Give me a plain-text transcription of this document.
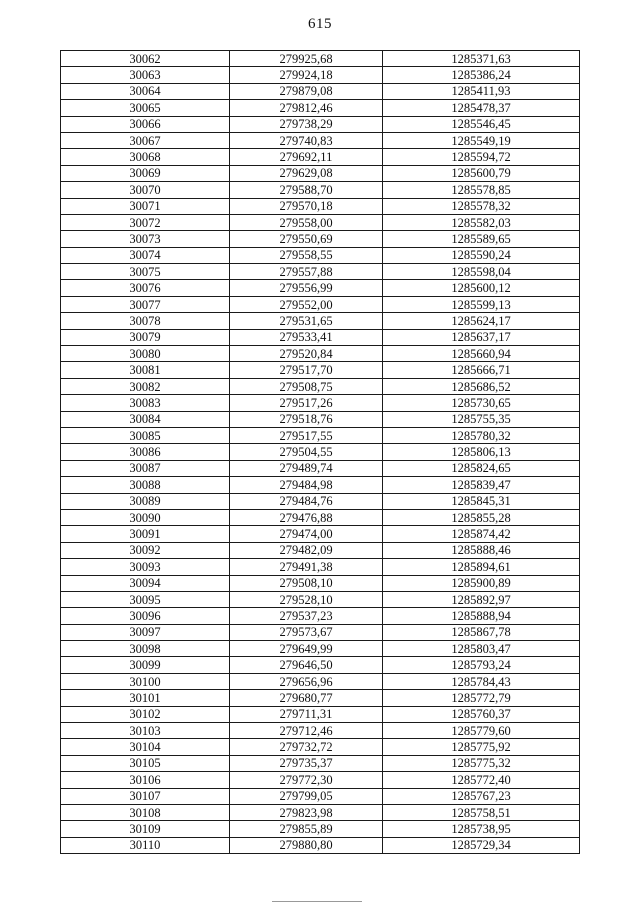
615
30062	279925,68	1285371,63
30063	279924,18	1285386,24
30064	279879,08	1285411,93
30065	279812,46	1285478,37
30066	279738,29	1285546,45
30067	279740,83	1285549,19
30068	279692,11	1285594,72
30069	279629,08	1285600,79
30070	279588,70	1285578,85
30071	279570,18	1285578,32
30072	279558,00	1285582,03
30073	279550,69	1285589,65
30074	279558,55	1285590,24
30075	279557,88	1285598,04
30076	279556,99	1285600,12
30077	279552,00	1285599,13
30078	279531,65	1285624,17
30079	279533,41	1285637,17
30080	279520,84	1285660,94
30081	279517,70	1285666,71
30082	279508,75	1285686,52
30083	279517,26	1285730,65
30084	279518,76	1285755,35
30085	279517,55	1285780,32
30086	279504,55	1285806,13
30087	279489,74	1285824,65
30088	279484,98	1285839,47
30089	279484,76	1285845,31
30090	279476,88	1285855,28
30091	279474,00	1285874,42
30092	279482,09	1285888,46
30093	279491,38	1285894,61
30094	279508,10	1285900,89
30095	279528,10	1285892,97
30096	279537,23	1285888,94
30097	279573,67	1285867,78
30098	279649,99	1285803,47
30099	279646,50	1285793,24
30100	279656,96	1285784,43
30101	279680,77	1285772,79
30102	279711,31	1285760,37
30103	279712,46	1285779,60
30104	279732,72	1285775,92
30105	279735,37	1285775,32
30106	279772,30	1285772,40
30107	279799,05	1285767,23
30108	279823,98	1285758,51
30109	279855,89	1285738,95
30110	279880,80	1285729,34
